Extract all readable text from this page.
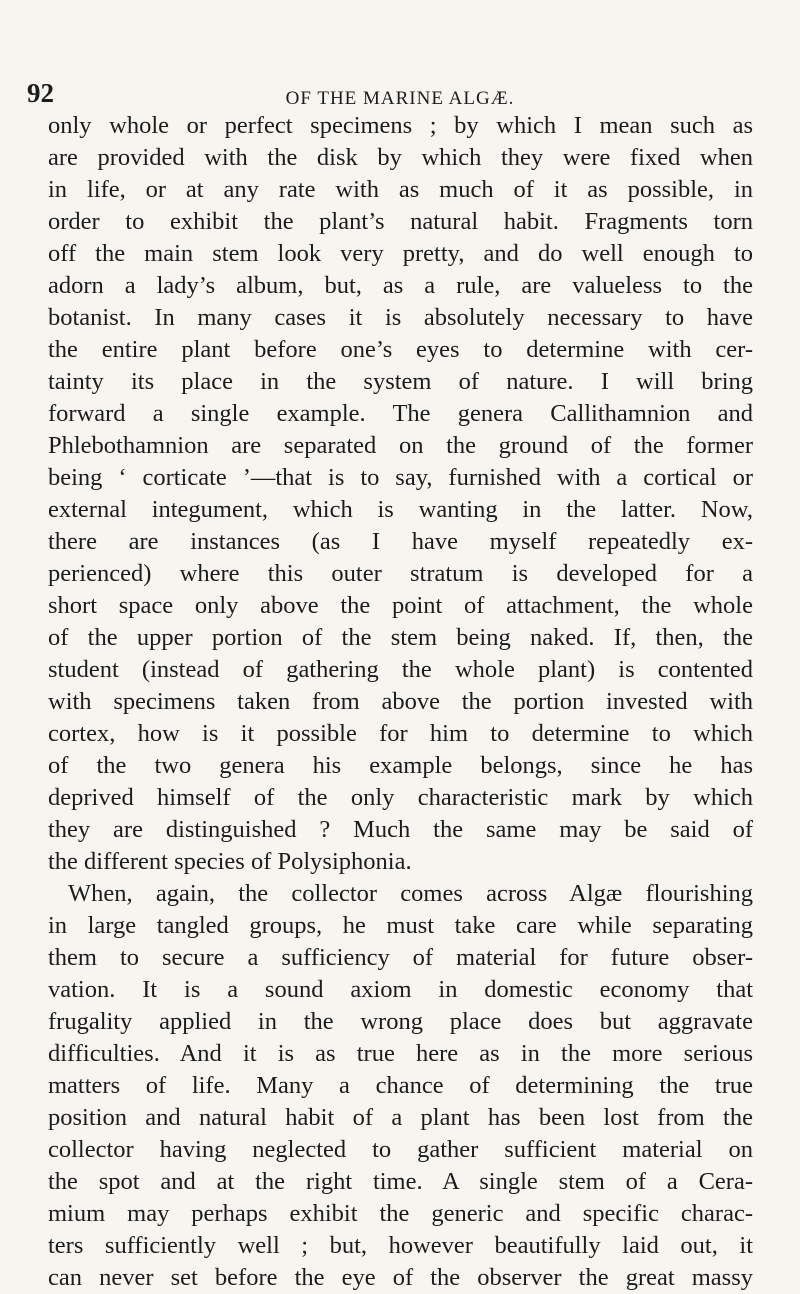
92	OF THE MARINE ALGÆ.
only whole or perfect specimens ; by which I mean such as
are provided with the disk by which they were fixed when
in life, or at any rate with as much of it as possible, in
order to exhibit the plant’s natural habit. Fragments torn
off the main stem look very pretty, and do well enough to
adorn a lady’s album, but, as a rule, are valueless to the
botanist. In many cases it is absolutely necessary to have
the entire plant before one’s eyes to determine with cer-
tainty its place in the system of nature. I will bring
forward a single example. The genera Callithamnion and
Phlebothamnion are separated on the ground of the former
being ‘ corticate ’—that is to say, furnished with a cortical or
external integument, which is wanting in the latter. Now,
there are instances (as I have myself repeatedly ex-
perienced) where this outer stratum is developed for a
short space only above the point of attachment, the whole
of the upper portion of the stem being naked. If, then, the
student (instead of gathering the whole plant) is contented
with specimens taken from above the portion invested with
cortex, how is it possible for him to determine to which
of the two genera his example belongs, since he has
deprived himself of the only characteristic mark by which
they are distinguished ? Much the same may be said of
the different species of Polysiphonia.
When, again, the collector comes across Algæ flourishing
in large tangled groups, he must take care while separating
them to secure a sufficiency of material for future obser-
vation. It is a sound axiom in domestic economy that
frugality applied in the wrong place does but aggravate
difficulties. And it is as true here as in the more serious
matters of life. Many a chance of determining the true
position and natural habit of a plant has been lost from the
collector having neglected to gather sufficient material on
the spot and at the right time. A single stem of a Cera-
mium may perhaps exhibit the generic and specific charac-
ters sufficiently well ; but, however beautifully laid out, it
can never set before the eye of the observer the great massy
